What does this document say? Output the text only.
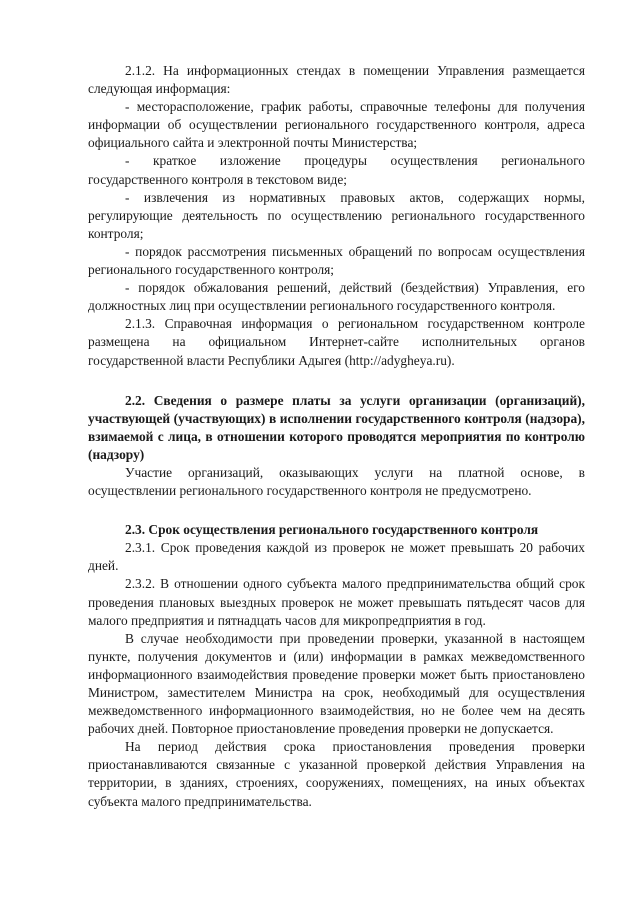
2.1.2. На информационных стендах в помещении Управления размещается следующая информация:

- месторасположение, график работы, справочные телефоны для получения информации об осуществлении регионального государственного контроля, адреса официального сайта и электронной почты Министерства;

- краткое изложение процедуры осуществления регионального государственного контроля в текстовом виде;

- извлечения из нормативных правовых актов, содержащих нормы, регулирующие деятельность по осуществлению регионального государственного контроля;

- порядок рассмотрения письменных обращений по вопросам осуществления регионального государственного контроля;

- порядок обжалования решений, действий (бездействия) Управления, его должностных лиц при осуществлении регионального государственного контроля.

2.1.3. Справочная информация о региональном государственном контроле размещена на официальном Интернет-сайте исполнительных органов государственной власти Республики Адыгея (http://adygheya.ru).

2.2. Сведения о размере платы за услуги организации (организаций), участвующей (участвующих) в исполнении государственного контроля (надзора), взимаемой с лица, в отношении которого проводятся мероприятия по контролю (надзору)

Участие организаций, оказывающих услуги на платной основе, в осуществлении регионального государственного контроля не предусмотрено.

2.3. Срок осуществления регионального государственного контроля

2.3.1. Срок проведения каждой из проверок не может превышать 20 рабочих дней.

2.3.2. В отношении одного субъекта малого предпринимательства общий срок проведения плановых выездных проверок не может превышать пятьдесят часов для малого предприятия и пятнадцать часов для микропредприятия в год.

В случае необходимости при проведении проверки, указанной в настоящем пункте, получения документов и (или) информации в рамках межведомственного информационного взаимодействия проведение проверки может быть приостановлено Министром, заместителем Министра на срок, необходимый для осуществления межведомственного информационного взаимодействия, но не более чем на десять рабочих дней. Повторное приостановление проведения проверки не допускается.

На период действия срока приостановления проведения проверки приостанавливаются связанные с указанной проверкой действия Управления на территории, в зданиях, строениях, сооружениях, помещениях, на иных объектах субъекта малого предпринимательства.
